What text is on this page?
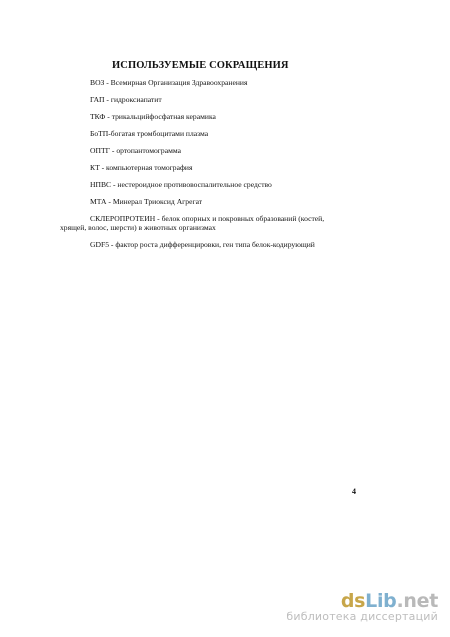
ИСПОЛЬЗУЕМЫЕ СОКРАЩЕНИЯ
ВОЗ - Всемирная Организация Здравоохранения
ГАП - гидроксиапатит
ТКФ - трикальцийфосфатная керамика
БоТП-богатая тромбоцитами плазма
ОПТГ - ортопантомограмма
КТ - компьютерная томография
НПВС - нестероидное противовоспалительное средство
МТА - Минерал Триоксид Агрегат
СКЛЕРОПРОТЕИН - белок опорных и покровных образований (костей,
хрящей, волос, шерсти) в животных организмах
GDF5 - фактор роста дифференцировки, ген типа белок-кодирующий
4
dsLib.net
библиотека диссертаций
